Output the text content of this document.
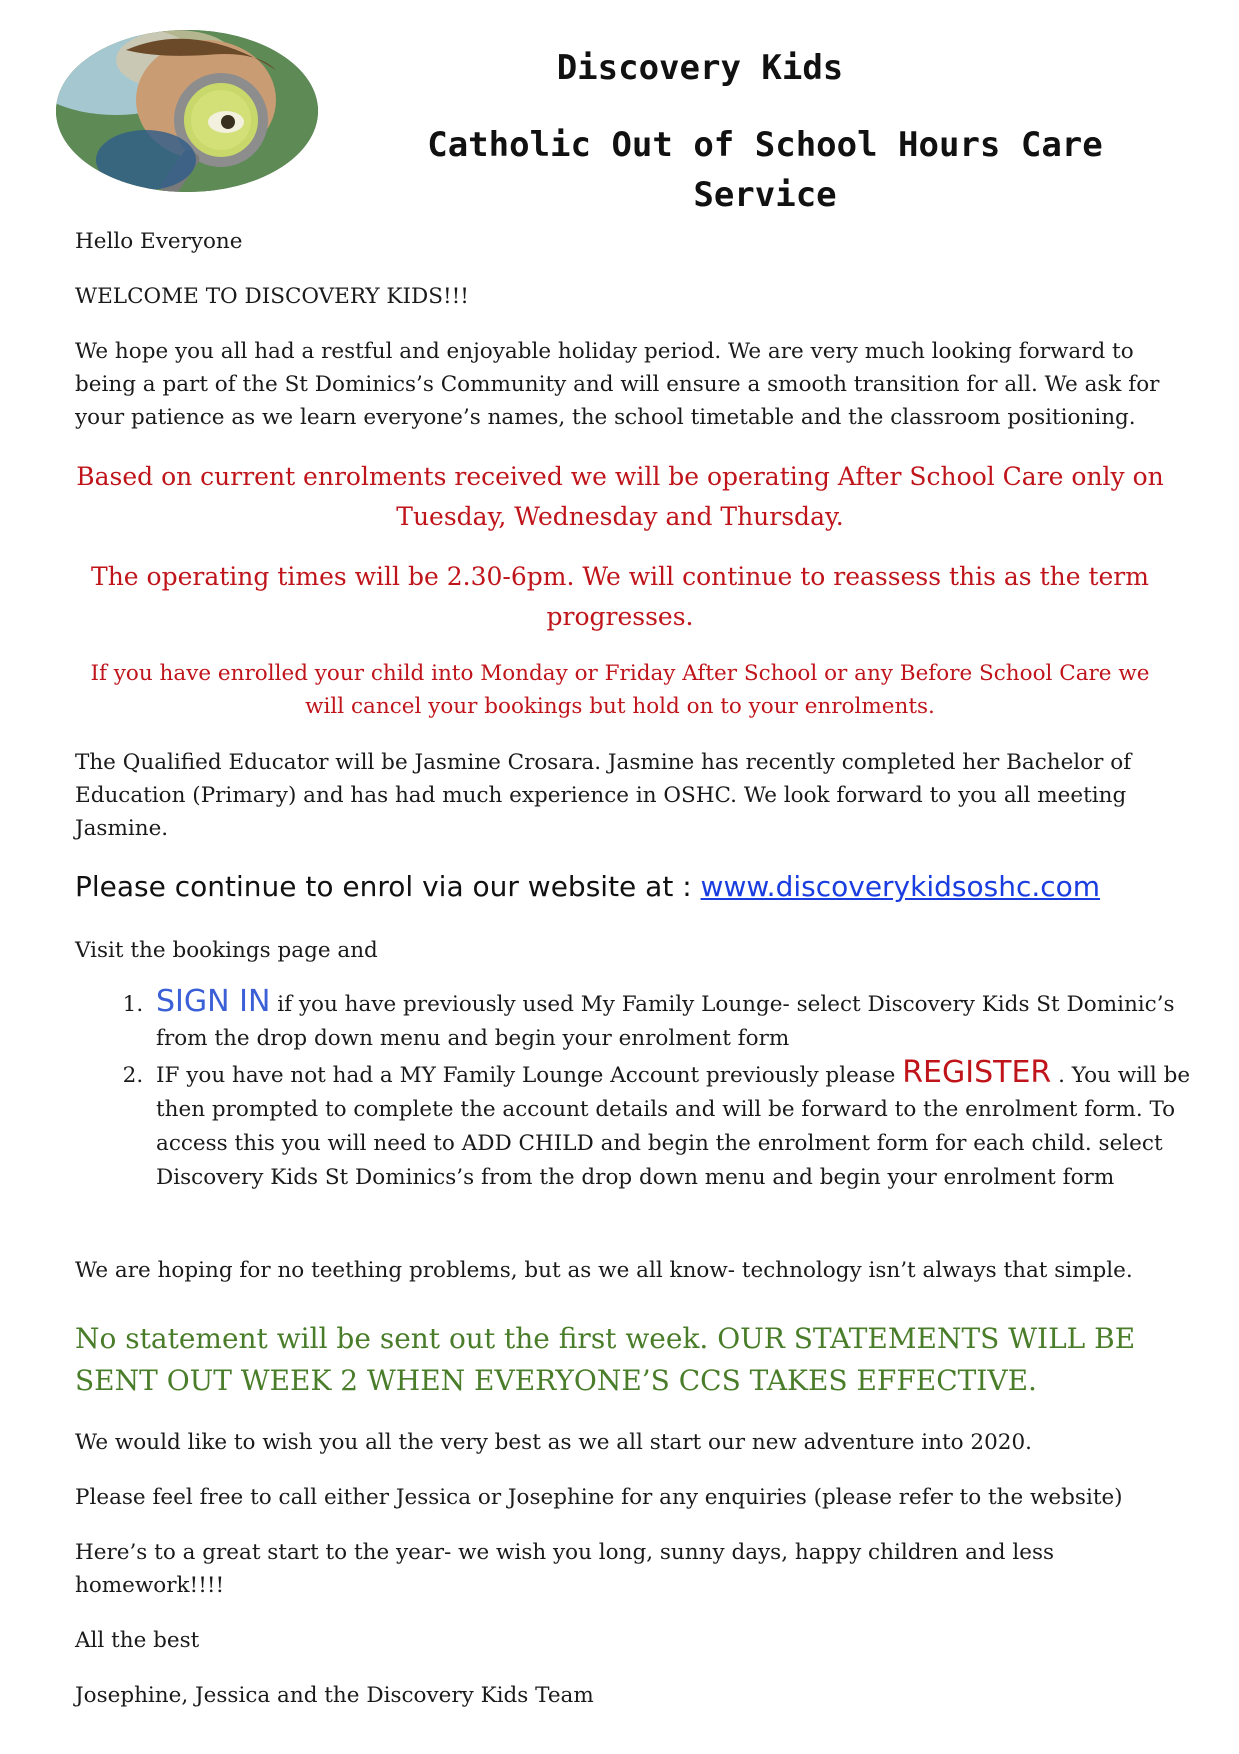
Discovery Kids
Catholic Out of School Hours Care
Service
Hello Everyone
WELCOME TO DISCOVERY KIDS!!!
We hope you all had a restful and enjoyable holiday period. We are very much looking forward to being a part of the St Dominics’s Community and will ensure a smooth transition for all. We ask for your patience as we learn everyone’s names, the school timetable and the classroom positioning.
Based on current enrolments received we will be operating After School Care only on Tuesday, Wednesday and Thursday.
The operating times will be 2.30-6pm. We will continue to reassess this as the term progresses.
If you have enrolled your child into Monday or Friday After School or any Before School Care we will cancel your bookings but hold on to your enrolments.
The Qualified Educator will be Jasmine Crosara. Jasmine has recently completed her Bachelor of Education (Primary) and has had much experience in OSHC. We look forward to you all meeting Jasmine.
Please continue to enrol via our website at : www.discoverykidsoshc.com
Visit the bookings page and
1. SIGN IN if you have previously used My Family Lounge- select Discovery Kids St Dominic’s from the drop down menu and begin your enrolment form
2. IF you have not had a MY Family Lounge Account previously please REGISTER . You will be then prompted to complete the account details and will be forward to the enrolment form. To access this you will need to ADD CHILD and begin the enrolment form for each child. select Discovery Kids St Dominics’s from the drop down menu and begin your enrolment form
We are hoping for no teething problems, but as we all know- technology isn’t always that simple.
No statement will be sent out the first week. OUR STATEMENTS WILL BE SENT OUT WEEK 2 WHEN EVERYONE’S CCS TAKES EFFECTIVE.
We would like to wish you all the very best as we all start our new adventure into 2020.
Please feel free to call either Jessica or Josephine for any enquiries (please refer to the website)
Here’s to a great start to the year- we wish you long, sunny days, happy children and less homework!!!!
All the best
Josephine, Jessica and the Discovery Kids Team
